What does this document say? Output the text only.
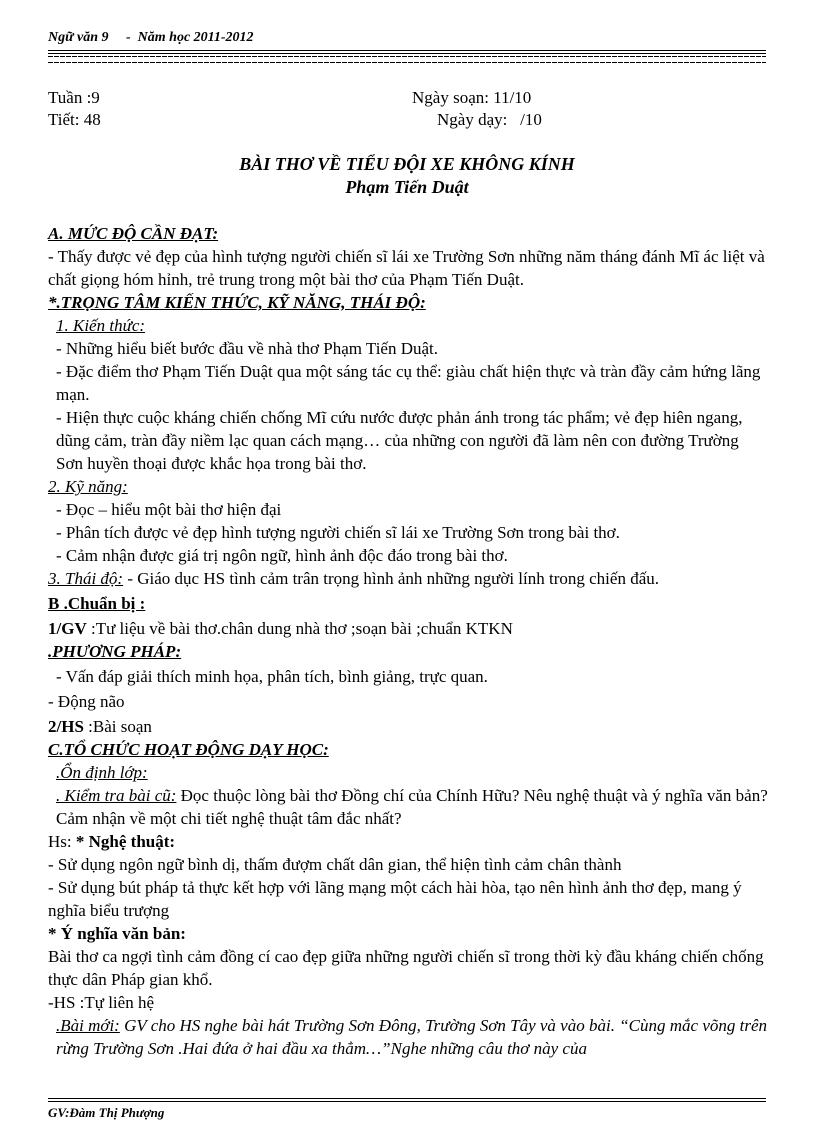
Ngữ văn 9 - Năm học 2011-2012
Tuần :9
Tiết: 48
Ngày soạn: 11/10
Ngày dạy:   /10
BÀI THƠ VỀ TIỂU ĐỘI XE KHÔNG KÍNH
Phạm Tiến Duật

A. MỨC ĐỘ CẦN ĐẠT:

- Thấy được vẻ đẹp của hình tượng người chiến sĩ lái xe Trường Sơn những năm tháng đánh Mĩ ác liệt và chất giọng hóm hỉnh, trẻ trung trong một bài thơ của Phạm Tiến Duật.

*.TRỌNG TÂM KIẾN THỨC, KỸ NĂNG, THÁI ĐỘ:

1. Kiến thức:

- Những hiểu biết bước đầu về nhà thơ Phạm Tiến Duật.

- Đặc điểm thơ Phạm Tiến Duật qua một sáng tác cụ thể: giàu chất hiện thực và tràn đầy cảm hứng lãng mạn.

- Hiện thực cuộc kháng chiến chống Mĩ cứu nước được phản ánh trong tác phẩm; vẻ đẹp hiên ngang, dũng cảm, tràn đầy niềm lạc quan cách mạng… của những con người đã làm nên con đường Trường Sơn huyền thoại được khắc họa trong bài thơ.

2. Kỹ năng:

- Đọc – hiểu một bài thơ hiện đại

- Phân tích được vẻ đẹp hình tượng người chiến sĩ lái xe Trường Sơn trong bài thơ.

- Cảm nhận được giá trị ngôn ngữ, hình ảnh độc đáo trong bài thơ.

3. Thái độ: - Giáo dục HS tình cảm trân trọng hình ảnh những người lính trong chiến đấu.

B .Chuẩn bị :

1/GV :Tư liệu về bài thơ.chân dung nhà thơ ;soạn bài ;chuẩn KTKN

.PHƯƠNG PHÁP:

- Vấn đáp giải thích minh họa, phân tích, bình giảng, trực quan.

- Động não

2/HS :Bài soạn

C.TỔ CHỨC HOẠT ĐỘNG DẠY HỌC:

.Ổn định lớp:

. Kiểm tra bài cũ: Đọc thuộc lòng bài thơ Đồng chí của Chính Hữu? Nêu nghệ thuật và ý nghĩa văn bản? Cảm nhận về một chi tiết nghệ thuật tâm đắc nhất?

Hs: * Nghệ thuật:

- Sử dụng ngôn ngữ bình dị, thấm đượm chất dân gian, thể hiện tình cảm chân thành

- Sử dụng bút pháp tả thực kết hợp với lãng mạng một cách hài hòa, tạo nên hình ảnh thơ đẹp, mang ý nghĩa biểu trượng

* Ý nghĩa văn bản:

Bài thơ ca ngợi tình cảm đồng cí cao đẹp giữa những người chiến sĩ trong thời kỳ đầu kháng chiến chống thực dân Pháp gian khổ.

-HS :Tự liên hệ

.Bài mới: GV cho HS nghe bài hát Trường Sơn Đông, Trường Sơn Tây và vào bài. “Cùng mắc võng trên rừng Trường Sơn .Hai đứa ở hai đầu xa thẳm…”Nghe những câu thơ này của

GV:Đàm Thị Phượng
